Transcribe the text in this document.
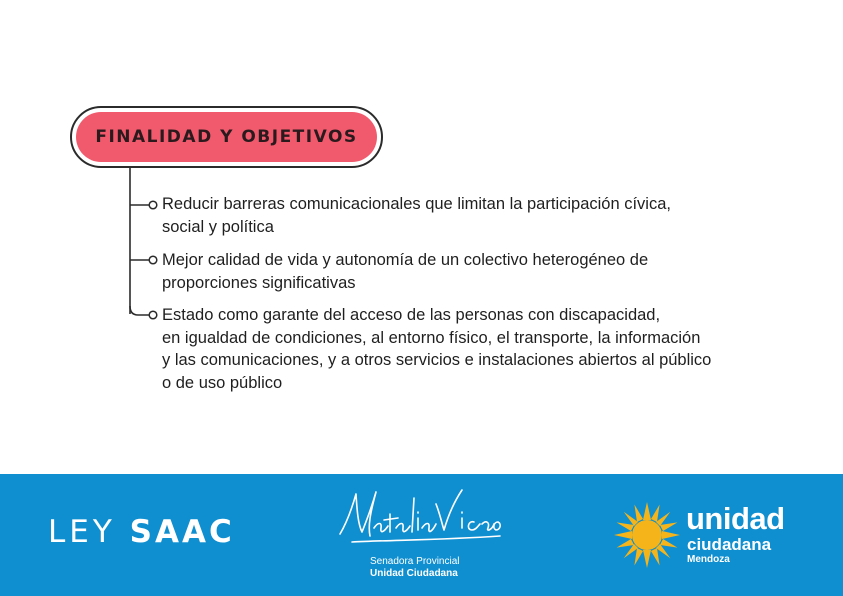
FINALIDAD Y OBJETIVOS
Reducir barreras comunicacionales que limitan la participación cívica,
social y política
Mejor calidad de vida y autonomía de un colectivo heterogéneo de
proporciones significativas
Estado como garante del acceso de las personas con discapacidad,
en igualdad de condiciones, al entorno físico, el transporte, la información
y las comunicaciones, y a otros servicios e instalaciones abiertos al público
o de uso público
LEY SAAC
Senadora Provincial
Unidad Ciudadana
unidad
ciudadana
Mendoza
